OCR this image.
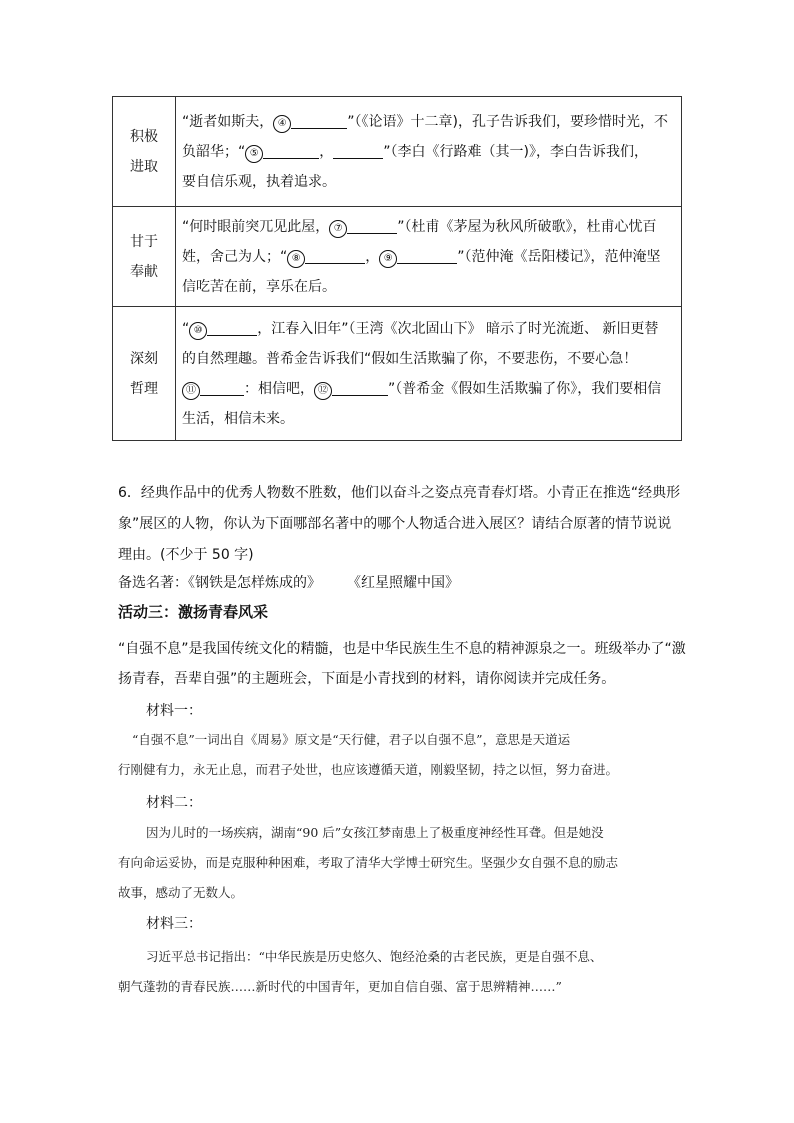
积极
进取	“逝者如斯夫， ④ ”（《论语》十二章)，孔子告诉我们，要珍惜时光，不
负韶华；“ ⑤ ， ”（李白《行路难（其一)》，李白告诉我们，
要自信乐观，执着追求。

甘于
奉献	“何时眼前突兀见此屋， ⑦ ”（杜甫《茅屋为秋风所破歌》，杜甫心忧百
姓，舍己为人；“ ⑧ ， ⑨ ”（范仲淹《岳阳楼记》，范仲淹坚
信吃苦在前，享乐在后。

深刻
哲理	“ ⑩ ，江春入旧年”（王湾《次北固山下》 暗示了时光流逝、 新旧更替
的自然理趣。普希金告诉我们“假如生活欺骗了你，不要悲伤，不要心急！
⑪ ：相信吧， ⑫ ”（普希金《假如生活欺骗了你》，我们要相信
生活，相信未来。
6．经典作品中的优秀人物数不胜数，他们以奋斗之姿点亮青春灯塔。小青正在推选“经典形
象”展区的人物，你认为下面哪部名著中的哪个人物适合进入展区？请结合原著的情节说说
理由。(不少于 50 字)
备选名著：《钢铁是怎样炼成的》 《红星照耀中国》
活动三：激扬青春风采
“自强不息”是我国传统文化的精髓，也是中华民族生生不息的精神源泉之一。班级举办了“激
扬青春，吾辈自强”的主题班会，下面是小青找到的材料，请你阅读并完成任务。
材料一：
“自强不息”一词出自《周易》原文是“天行健，君子以自强不息”，意思是天道运
行刚健有力，永无止息，而君子处世，也应该遵循天道，刚毅坚韧，持之以恒，努力奋进。
材料二：
因为儿时的一场疾病，湖南“90 后”女孩江梦南患上了极重度神经性耳聋。但是她没
有向命运妥协，而是克服种种困难，考取了清华大学博士研究生。坚强少女自强不息的励志
故事，感动了无数人。
材料三：
习近平总书记指出：“中华民族是历史悠久、饱经沧桑的古老民族，更是自强不息、
朝气蓬勃的青春民族……新时代的中国青年，更加自信自强、富于思辨精神……”
